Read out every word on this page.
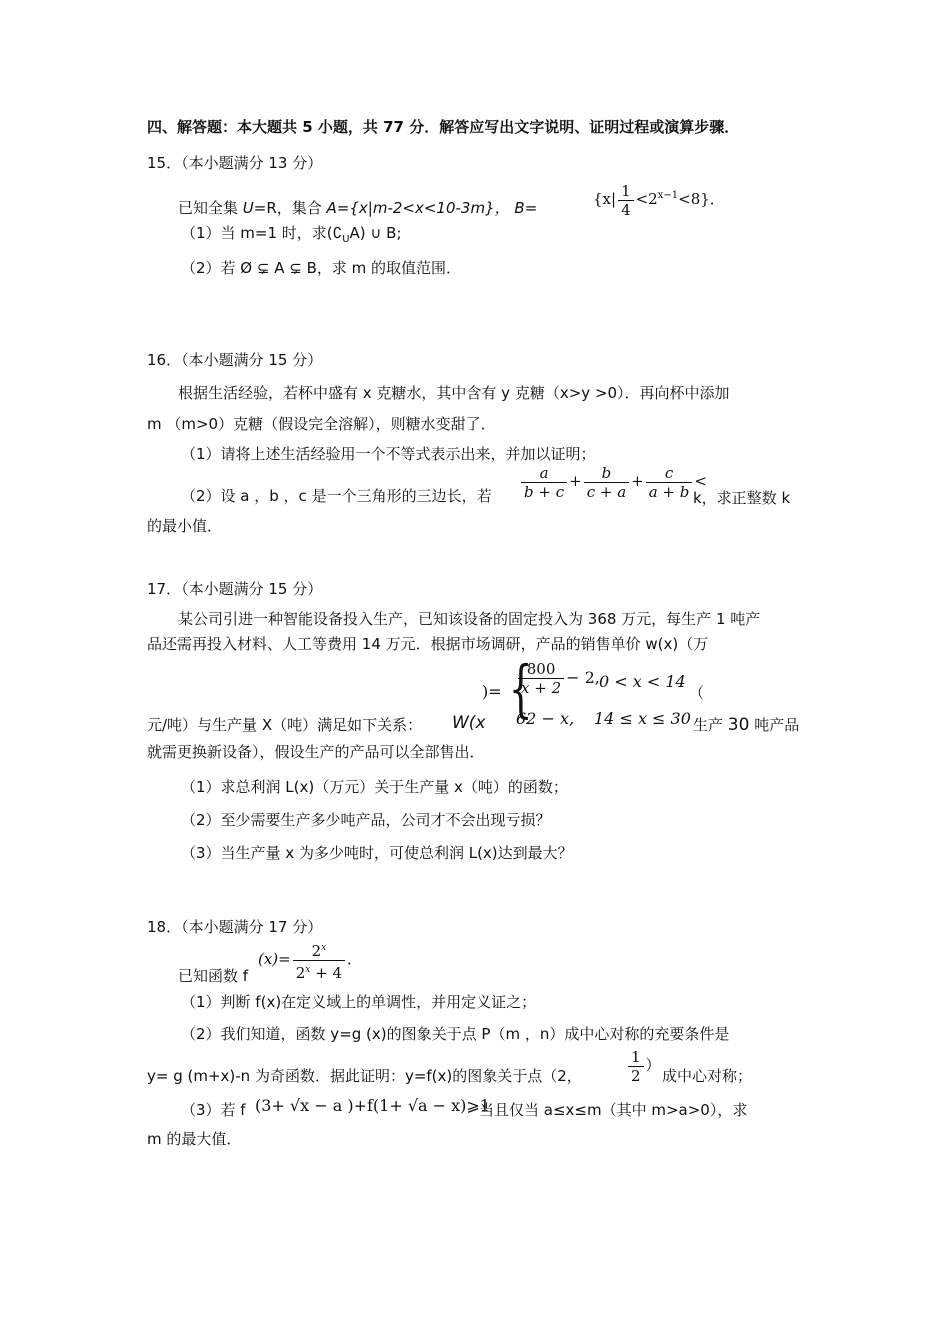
四、解答题：本大题共 5 小题，共 77 分．解答应写出文字说明、证明过程或演算步骤．
15．（本小题满分 13 分）
已知全集 U=R，集合 A={x|m-2<x<10-3m}， B=	$\{x| \frac{1}{4} <2^{x-1}<8\}$．
（1）当 m=1 时，求$(∁_UA)$ ∪ B;
（2）若 Ø ⊊ A ⊊ B，求 m 的取值范围．
16．（本小题满分 15 分）
根据生活经验，若杯中盛有 x 克糖水，其中含有 y 克糖（x>y >0）．再向杯中添加
m （m>0）克糖（假设完全溶解），则糖水变甜了．
（1）请将上述生活经验用一个不等式表示出来，并加以证明；
（2）设 a ，b ，c 是一个三角形的三边长，若 $\frac{a}{b + c} + \frac{b}{c + a} + \frac{c}{a + b}$ <
k，求正整数 k
的最小值．
17．（本小题满分 15 分）
某公司引进一种智能设备投入生产，已知该设备的固定投入为 368 万元，每生产 1 吨产
品还需再投入材料、人工等费用 14 万元．根据市场调研，产品的销售单价 w(x)（万
)= {
$\frac{800}{x + 2} - 2$, 0 < x < 14
62 − x, 14 ≤ x ≤ 30
（
元/吨）与生产量 X（吨）满足如下关系： W(x	生产 30 吨产品
就需更换新设备），假设生产的产品可以全部售出．
（1）求总利润 L(x)（万元）关于生产量 x（吨）的函数；
（2）至少需要生产多少吨产品，公司才不会出现亏损？
（3）当生产量 x 为多少吨时，可使总利润 L(x)达到最大？
18．（本小题满分 17 分）
已知函数 f
$(x)= \frac{2^x}{2^x + 4}$ ．
（1）判断 f(x)在定义域上的单调性，并用定义证之；
（2）我们知道，函数 y=g (x)的图象关于点 P（m ，n）成中心对称的充要条件是
y= g (m+x)-n 为奇函数．据此证明：y=f(x)的图象关于点（2，	$\frac{1}{2}$ ）
成中心对称；
（3）若 f (3+ √x − a )+f(1+ √a − x)⩾1
当且仅当 a≤x≤m（其中 m>a>0），求
m 的最大值．
